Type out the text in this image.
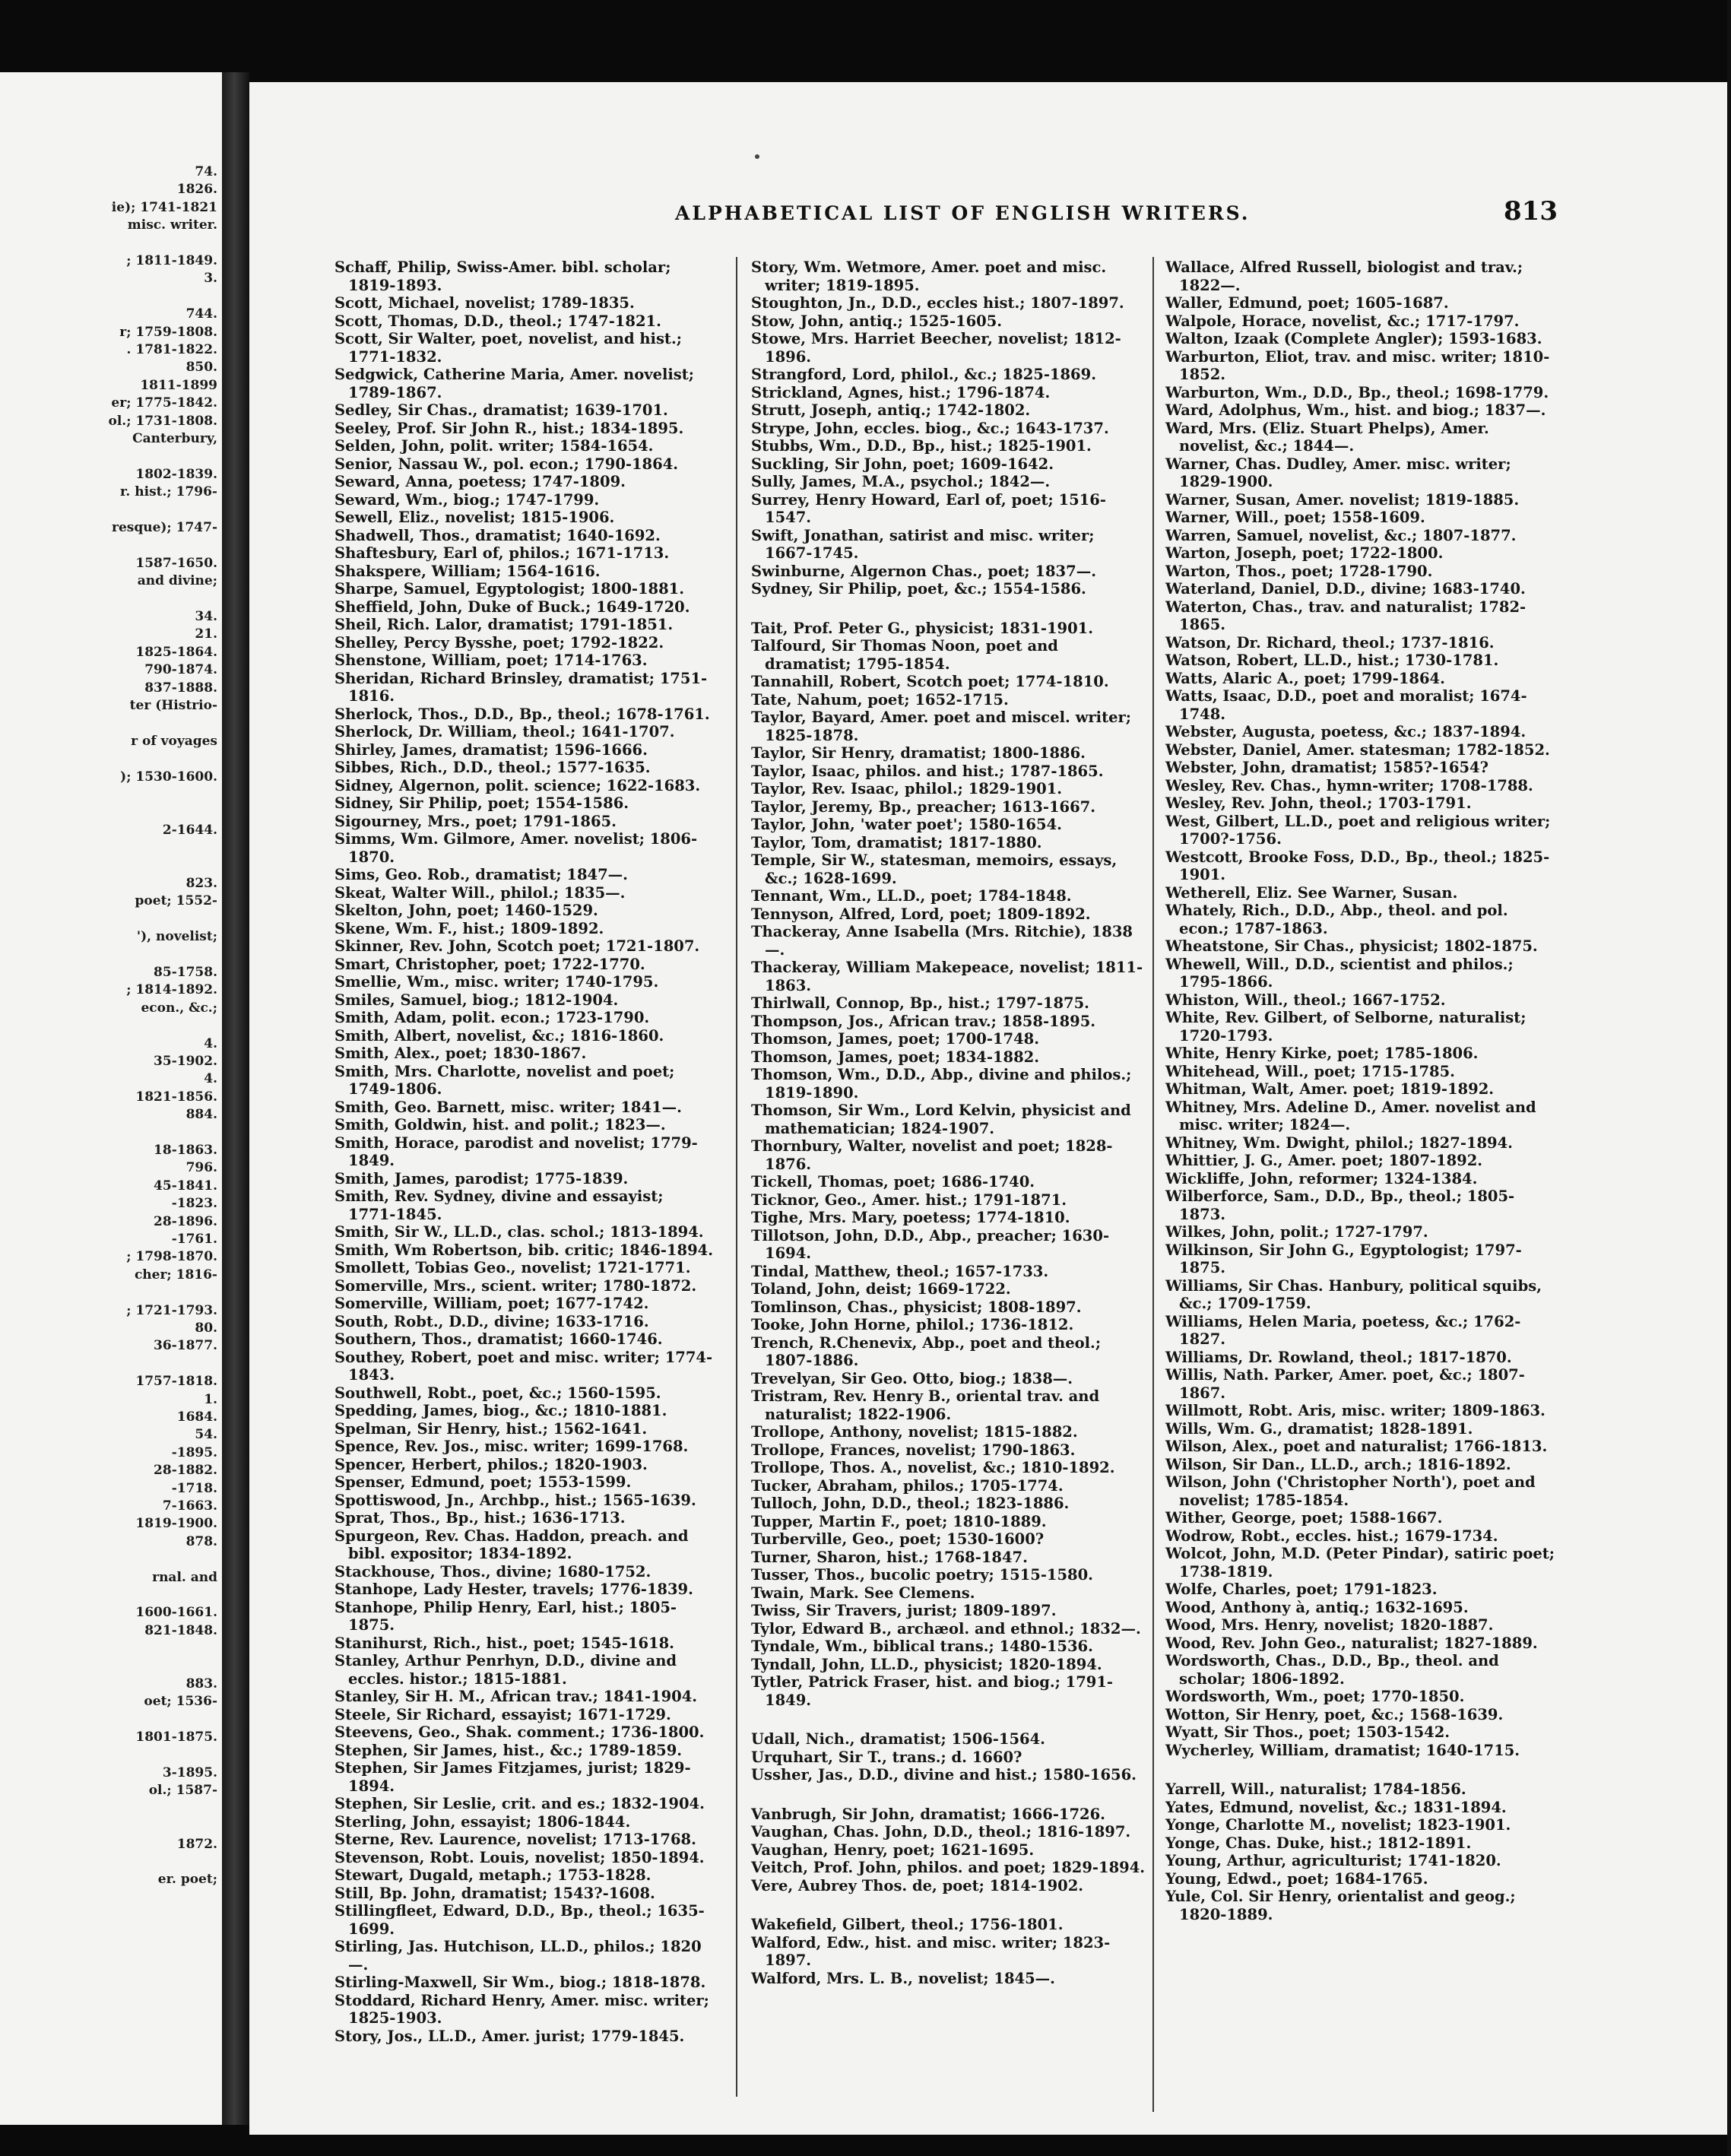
74.
1826.
ie); 1741-1821
misc. writer.
; 1811-1849.
3.
744.
r; 1759-1808.
. 1781-1822.
850.
1811-1899
er; 1775-1842.
ol.; 1731-1808.
Canterbury,
1802-1839.
r. hist.; 1796-
resque); 1747-
1587-1650.
and divine;
34.
21.
1825-1864.
790-1874.
837-1888.
ter (Histrio-
r of voyages
); 1530-1600.
2-1644.
823.
poet; 1552-
'), novelist;
85-1758.
; 1814-1892.
econ., &c.;
4.
35-1902.
4.
1821-1856.
884.
18-1863.
796.
45-1841.
-1823.
28-1896.
-1761.
; 1798-1870.
cher; 1816-
; 1721-1793.
80.
36-1877.
1757-1818.
1.
1684.
54.
-1895.
28-1882.
-1718.
7-1663.
1819-1900.
878.
rnal. and
1600-1661.
821-1848.
883.
oet; 1536-
1801-1875.
3-1895.
ol.; 1587-
1872.
er. poet;
ALPHABETICAL LIST OF ENGLISH WRITERS.	813

Schaff, Philip, Swiss-Amer. bibl. scholar; 1819-1893.

Scott, Michael, novelist; 1789-1835.

Scott, Thomas, D.D., theol.; 1747-1821.

Scott, Sir Walter, poet, novelist, and hist.; 1771-1832.

Sedgwick, Catherine Maria, Amer. novelist; 1789-1867.

Sedley, Sir Chas., dramatist; 1639-1701.

Seeley, Prof. Sir John R., hist.; 1834-1895.

Selden, John, polit. writer; 1584-1654.

Senior, Nassau W., pol. econ.; 1790-1864.

Seward, Anna, poetess; 1747-1809.

Seward, Wm., biog.; 1747-1799.

Sewell, Eliz., novelist; 1815-1906.

Shadwell, Thos., dramatist; 1640-1692.

Shaftesbury, Earl of, philos.; 1671-1713.

Shakspere, William; 1564-1616.

Sharpe, Samuel, Egyptologist; 1800-1881.

Sheffield, John, Duke of Buck.; 1649-1720.

Sheil, Rich. Lalor, dramatist; 1791-1851.

Shelley, Percy Bysshe, poet; 1792-1822.

Shenstone, William, poet; 1714-1763.

Sheridan, Richard Brinsley, dramatist; 1751-1816.

Sherlock, Thos., D.D., Bp., theol.; 1678-1761.

Sherlock, Dr. William, theol.; 1641-1707.

Shirley, James, dramatist; 1596-1666.

Sibbes, Rich., D.D., theol.; 1577-1635.

Sidney, Algernon, polit. science; 1622-1683.

Sidney, Sir Philip, poet; 1554-1586.

Sigourney, Mrs., poet; 1791-1865.

Simms, Wm. Gilmore, Amer. novelist; 1806-1870.

Sims, Geo. Rob., dramatist; 1847—.

Skeat, Walter Will., philol.; 1835—.

Skelton, John, poet; 1460-1529.

Skene, Wm. F., hist.; 1809-1892.

Skinner, Rev. John, Scotch poet; 1721-1807.

Smart, Christopher, poet; 1722-1770.

Smellie, Wm., misc. writer; 1740-1795.

Smiles, Samuel, biog.; 1812-1904.

Smith, Adam, polit. econ.; 1723-1790.

Smith, Albert, novelist, &c.; 1816-1860.

Smith, Alex., poet; 1830-1867.

Smith, Mrs. Charlotte, novelist and poet; 1749-1806.

Smith, Geo. Barnett, misc. writer; 1841—.

Smith, Goldwin, hist. and polit.; 1823—.

Smith, Horace, parodist and novelist; 1779-1849.

Smith, James, parodist; 1775-1839.

Smith, Rev. Sydney, divine and essayist; 1771-1845.

Smith, Sir W., LL.D., clas. schol.; 1813-1894.

Smith, Wm Robertson, bib. critic; 1846-1894.

Smollett, Tobias Geo., novelist; 1721-1771.

Somerville, Mrs., scient. writer; 1780-1872.

Somerville, William, poet; 1677-1742.

South, Robt., D.D., divine; 1633-1716.

Southern, Thos., dramatist; 1660-1746.

Southey, Robert, poet and misc. writer; 1774-1843.

Southwell, Robt., poet, &c.; 1560-1595.

Spedding, James, biog., &c.; 1810-1881.

Spelman, Sir Henry, hist.; 1562-1641.

Spence, Rev. Jos., misc. writer; 1699-1768.

Spencer, Herbert, philos.; 1820-1903.

Spenser, Edmund, poet; 1553-1599.

Spottiswood, Jn., Archbp., hist.; 1565-1639.

Sprat, Thos., Bp., hist.; 1636-1713.

Spurgeon, Rev. Chas. Haddon, preach. and bibl. expositor; 1834-1892.

Stackhouse, Thos., divine; 1680-1752.

Stanhope, Lady Hester, travels; 1776-1839.

Stanhope, Philip Henry, Earl, hist.; 1805-1875.

Stanihurst, Rich., hist., poet; 1545-1618.

Stanley, Arthur Penrhyn, D.D., divine and eccles. histor.; 1815-1881.

Stanley, Sir H. M., African trav.; 1841-1904.

Steele, Sir Richard, essayist; 1671-1729.

Steevens, Geo., Shak. comment.; 1736-1800.

Stephen, Sir James, hist., &c.; 1789-1859.

Stephen, Sir James Fitzjames, jurist; 1829-1894.

Stephen, Sir Leslie, crit. and es.; 1832-1904.

Sterling, John, essayist; 1806-1844.

Sterne, Rev. Laurence, novelist; 1713-1768.

Stevenson, Robt. Louis, novelist; 1850-1894.

Stewart, Dugald, metaph.; 1753-1828.

Still, Bp. John, dramatist; 1543?-1608.

Stillingfleet, Edward, D.D., Bp., theol.; 1635-1699.

Stirling, Jas. Hutchison, LL.D., philos.; 1820—.

Stirling-Maxwell, Sir Wm., biog.; 1818-1878.

Stoddard, Richard Henry, Amer. misc. writer; 1825-1903.

Story, Jos., LL.D., Amer. jurist; 1779-1845.

Story, Wm. Wetmore, Amer. poet and misc. writer; 1819-1895.

Stoughton, Jn., D.D., eccles hist.; 1807-1897.

Stow, John, antiq.; 1525-1605.

Stowe, Mrs. Harriet Beecher, novelist; 1812-1896.

Strangford, Lord, philol., &c.; 1825-1869.

Strickland, Agnes, hist.; 1796-1874.

Strutt, Joseph, antiq.; 1742-1802.

Strype, John, eccles. biog., &c.; 1643-1737.

Stubbs, Wm., D.D., Bp., hist.; 1825-1901.

Suckling, Sir John, poet; 1609-1642.

Sully, James, M.A., psychol.; 1842—.

Surrey, Henry Howard, Earl of, poet; 1516-1547.

Swift, Jonathan, satirist and misc. writer; 1667-1745.

Swinburne, Algernon Chas., poet; 1837—.

Sydney, Sir Philip, poet, &c.; 1554-1586.

Tait, Prof. Peter G., physicist; 1831-1901.

Talfourd, Sir Thomas Noon, poet and dramatist; 1795-1854.

Tannahill, Robert, Scotch poet; 1774-1810.

Tate, Nahum, poet; 1652-1715.

Taylor, Bayard, Amer. poet and miscel. writer; 1825-1878.

Taylor, Sir Henry, dramatist; 1800-1886.

Taylor, Isaac, philos. and hist.; 1787-1865.

Taylor, Rev. Isaac, philol.; 1829-1901.

Taylor, Jeremy, Bp., preacher; 1613-1667.

Taylor, John, 'water poet'; 1580-1654.

Taylor, Tom, dramatist; 1817-1880.

Temple, Sir W., statesman, memoirs, essays, &c.; 1628-1699.

Tennant, Wm., LL.D., poet; 1784-1848.

Tennyson, Alfred, Lord, poet; 1809-1892.

Thackeray, Anne Isabella (Mrs. Ritchie), 1838—.

Thackeray, William Makepeace, novelist; 1811-1863.

Thirlwall, Connop, Bp., hist.; 1797-1875.

Thompson, Jos., African trav.; 1858-1895.

Thomson, James, poet; 1700-1748.

Thomson, James, poet; 1834-1882.

Thomson, Wm., D.D., Abp., divine and philos.; 1819-1890.

Thomson, Sir Wm., Lord Kelvin, physicist and mathematician; 1824-1907.

Thornbury, Walter, novelist and poet; 1828-1876.

Tickell, Thomas, poet; 1686-1740.

Ticknor, Geo., Amer. hist.; 1791-1871.

Tighe, Mrs. Mary, poetess; 1774-1810.

Tillotson, John, D.D., Abp., preacher; 1630-1694.

Tindal, Matthew, theol.; 1657-1733.

Toland, John, deist; 1669-1722.

Tomlinson, Chas., physicist; 1808-1897.

Tooke, John Horne, philol.; 1736-1812.

Trench, R.Chenevix, Abp., poet and theol.; 1807-1886.

Trevelyan, Sir Geo. Otto, biog.; 1838—.

Tristram, Rev. Henry B., oriental trav. and naturalist; 1822-1906.

Trollope, Anthony, novelist; 1815-1882.

Trollope, Frances, novelist; 1790-1863.

Trollope, Thos. A., novelist, &c.; 1810-1892.

Tucker, Abraham, philos.; 1705-1774.

Tulloch, John, D.D., theol.; 1823-1886.

Tupper, Martin F., poet; 1810-1889.

Turberville, Geo., poet; 1530-1600?

Turner, Sharon, hist.; 1768-1847.

Tusser, Thos., bucolic poetry; 1515-1580.

Twain, Mark. See Clemens.

Twiss, Sir Travers, jurist; 1809-1897.

Tylor, Edward B., archæol. and ethnol.; 1832—.

Tyndale, Wm., biblical trans.; 1480-1536.

Tyndall, John, LL.D., physicist; 1820-1894.

Tytler, Patrick Fraser, hist. and biog.; 1791-1849.

Udall, Nich., dramatist; 1506-1564.

Urquhart, Sir T., trans.; d. 1660?

Ussher, Jas., D.D., divine and hist.; 1580-1656.

Vanbrugh, Sir John, dramatist; 1666-1726.

Vaughan, Chas. John, D.D., theol.; 1816-1897.

Vaughan, Henry, poet; 1621-1695.

Veitch, Prof. John, philos. and poet; 1829-1894.

Vere, Aubrey Thos. de, poet; 1814-1902.

Wakefield, Gilbert, theol.; 1756-1801.

Walford, Edw., hist. and misc. writer; 1823-1897.

Walford, Mrs. L. B., novelist; 1845—.

Wallace, Alfred Russell, biologist and trav.; 1822—.

Waller, Edmund, poet; 1605-1687.

Walpole, Horace, novelist, &c.; 1717-1797.

Walton, Izaak (Complete Angler); 1593-1683.

Warburton, Eliot, trav. and misc. writer; 1810-1852.

Warburton, Wm., D.D., Bp., theol.; 1698-1779.

Ward, Adolphus, Wm., hist. and biog.; 1837—.

Ward, Mrs. (Eliz. Stuart Phelps), Amer. novelist, &c.; 1844—.

Warner, Chas. Dudley, Amer. misc. writer; 1829-1900.

Warner, Susan, Amer. novelist; 1819-1885.

Warner, Will., poet; 1558-1609.

Warren, Samuel, novelist, &c.; 1807-1877.

Warton, Joseph, poet; 1722-1800.

Warton, Thos., poet; 1728-1790.

Waterland, Daniel, D.D., divine; 1683-1740.

Waterton, Chas., trav. and naturalist; 1782-1865.

Watson, Dr. Richard, theol.; 1737-1816.

Watson, Robert, LL.D., hist.; 1730-1781.

Watts, Alaric A., poet; 1799-1864.

Watts, Isaac, D.D., poet and moralist; 1674-1748.

Webster, Augusta, poetess, &c.; 1837-1894.

Webster, Daniel, Amer. statesman; 1782-1852.

Webster, John, dramatist; 1585?-1654?

Wesley, Rev. Chas., hymn-writer; 1708-1788.

Wesley, Rev. John, theol.; 1703-1791.

West, Gilbert, LL.D., poet and religious writer; 1700?-1756.

Westcott, Brooke Foss, D.D., Bp., theol.; 1825-1901.

Wetherell, Eliz. See Warner, Susan.

Whately, Rich., D.D., Abp., theol. and pol. econ.; 1787-1863.

Wheatstone, Sir Chas., physicist; 1802-1875.

Whewell, Will., D.D., scientist and philos.; 1795-1866.

Whiston, Will., theol.; 1667-1752.

White, Rev. Gilbert, of Selborne, naturalist; 1720-1793.

White, Henry Kirke, poet; 1785-1806.

Whitehead, Will., poet; 1715-1785.

Whitman, Walt, Amer. poet; 1819-1892.

Whitney, Mrs. Adeline D., Amer. novelist and misc. writer; 1824—.

Whitney, Wm. Dwight, philol.; 1827-1894.

Whittier, J. G., Amer. poet; 1807-1892.

Wickliffe, John, reformer; 1324-1384.

Wilberforce, Sam., D.D., Bp., theol.; 1805-1873.

Wilkes, John, polit.; 1727-1797.

Wilkinson, Sir John G., Egyptologist; 1797-1875.

Williams, Sir Chas. Hanbury, political squibs, &c.; 1709-1759.

Williams, Helen Maria, poetess, &c.; 1762-1827.

Williams, Dr. Rowland, theol.; 1817-1870.

Willis, Nath. Parker, Amer. poet, &c.; 1807-1867.

Willmott, Robt. Aris, misc. writer; 1809-1863.

Wills, Wm. G., dramatist; 1828-1891.

Wilson, Alex., poet and naturalist; 1766-1813.

Wilson, Sir Dan., LL.D., arch.; 1816-1892.

Wilson, John ('Christopher North'), poet and novelist; 1785-1854.

Wither, George, poet; 1588-1667.

Wodrow, Robt., eccles. hist.; 1679-1734.

Wolcot, John, M.D. (Peter Pindar), satiric poet; 1738-1819.

Wolfe, Charles, poet; 1791-1823.

Wood, Anthony à, antiq.; 1632-1695.

Wood, Mrs. Henry, novelist; 1820-1887.

Wood, Rev. John Geo., naturalist; 1827-1889.

Wordsworth, Chas., D.D., Bp., theol. and scholar; 1806-1892.

Wordsworth, Wm., poet; 1770-1850.

Wotton, Sir Henry, poet, &c.; 1568-1639.

Wyatt, Sir Thos., poet; 1503-1542.

Wycherley, William, dramatist; 1640-1715.

Yarrell, Will., naturalist; 1784-1856.

Yates, Edmund, novelist, &c.; 1831-1894.

Yonge, Charlotte M., novelist; 1823-1901.

Yonge, Chas. Duke, hist.; 1812-1891.

Young, Arthur, agriculturist; 1741-1820.

Young, Edwd., poet; 1684-1765.

Yule, Col. Sir Henry, orientalist and geog.; 1820-1889.
